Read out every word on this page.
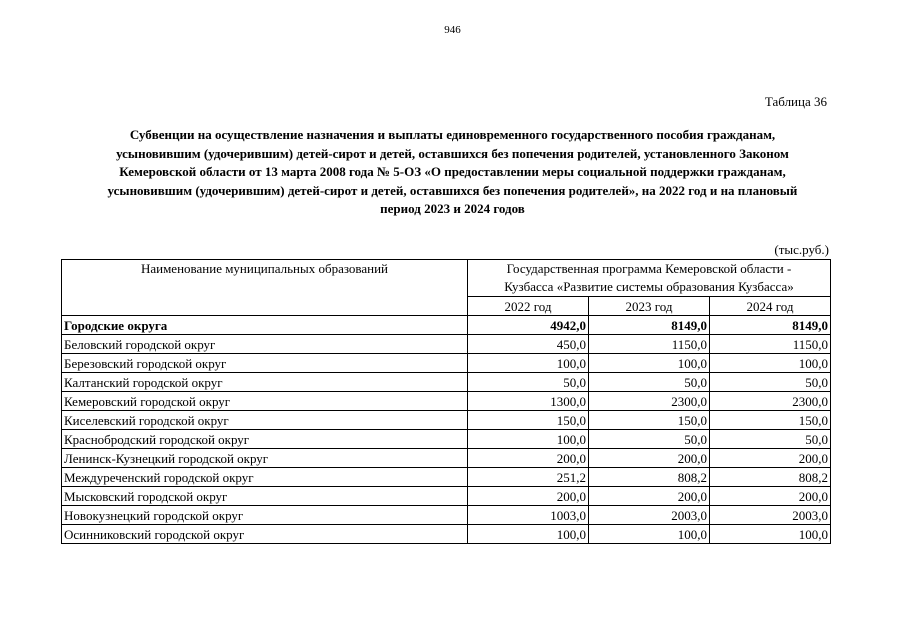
946
Таблица 36
Субвенции на осуществление назначения и выплаты единовременного государственного пособия гражданам,
усыновившим (удочерившим) детей-сирот и детей, оставшихся без попечения родителей, установленного Законом
Кемеровской области от 13 марта 2008 года № 5-ОЗ «О предоставлении меры социальной поддержки гражданам,
усыновившим (удочерившим) детей-сирот и детей, оставшихся без попечения родителей», на 2022 год и на плановый
период 2023 и 2024 годов
(тыс.руб.)
Наименование муниципальных образований	Государственная программа Кемеровской области -
Кузбасса «Развитие системы образования Кузбасса»		

	2022 год	2023 год	2024 год
Городские округа	4942,0	8149,0	8149,0
Беловский городской округ	450,0	1150,0	1150,0
Березовский городской округ	100,0	100,0	100,0
Калтанский городской округ	50,0	50,0	50,0
Кемеровский городской округ	1300,0	2300,0	2300,0
Киселевский городской округ	150,0	150,0	150,0
Краснобродский городской округ	100,0	50,0	50,0
Ленинск-Кузнецкий городской округ	200,0	200,0	200,0
Междуреченский городской округ	251,2	808,2	808,2
Мысковский городской округ	200,0	200,0	200,0
Новокузнецкий городской округ	1003,0	2003,0	2003,0
Осинниковский городской округ	100,0	100,0	100,0
